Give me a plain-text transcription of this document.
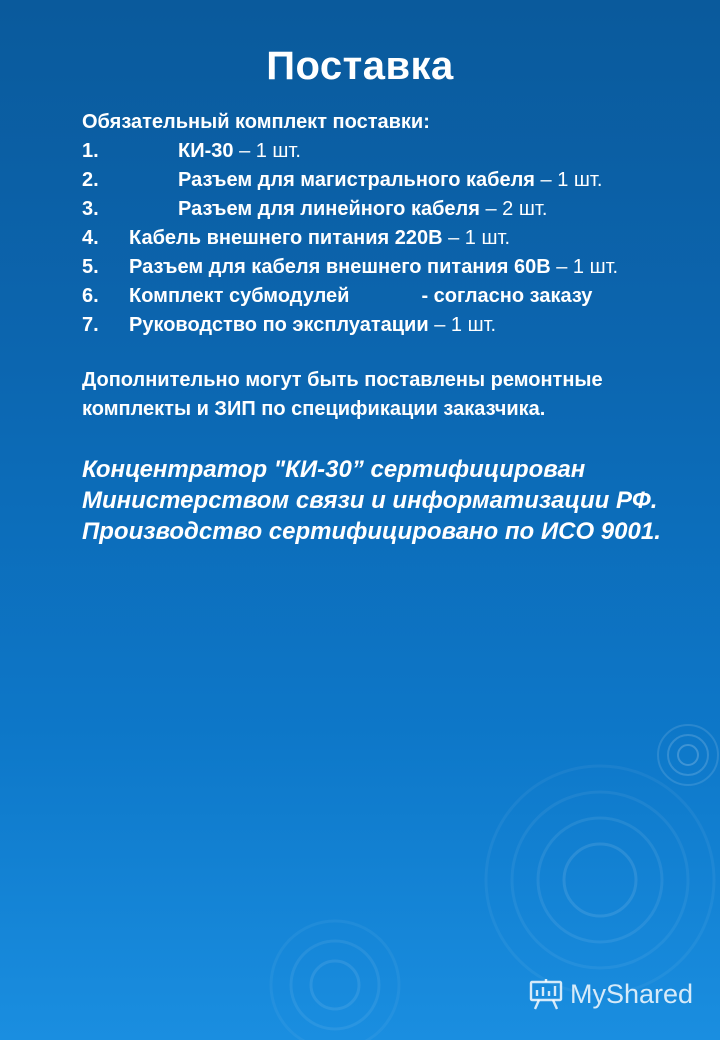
Поставка
Обязательный комплект поставки:
1.	КИ-30 – 1 шт.
2.	Разъем для магистрального кабеля – 1 шт.
3.	Разъем для линейного кабеля – 2 шт.
4. Кабель внешнего питания 220В – 1 шт.
5. Разъем для кабеля внешнего питания 60В – 1 шт.
6. Комплект субмодулей	- согласно заказу
7. Руководство по эксплуатации – 1 шт.
Дополнительно могут быть поставлены ремонтные комплекты и ЗИП по спецификации заказчика.
Концентратор "КИ-30” сертифицирован Министерством связи и информатизации РФ.
Производство сертифицировано по ИСО 9001.
MyShared
